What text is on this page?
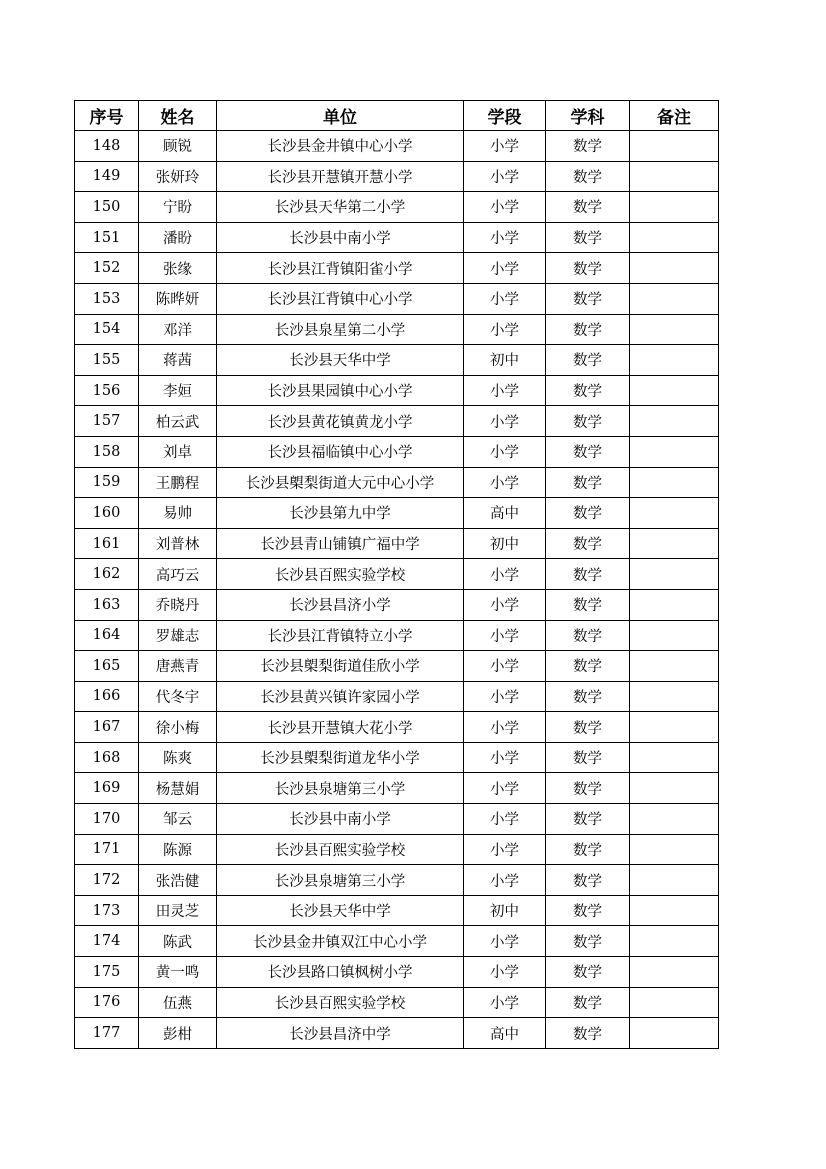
序号	姓名	单位	学段	学科	备注
148	顾锐	长沙县金井镇中心小学	小学	数学	
149	张妍玲	长沙县开慧镇开慧小学	小学	数学	
150	宁盼	长沙县天华第二小学	小学	数学	
151	潘盼	长沙县中南小学	小学	数学	
152	张缘	长沙县江背镇阳雀小学	小学	数学	
153	陈晔妍	长沙县江背镇中心小学	小学	数学	
154	邓洋	长沙县泉星第二小学	小学	数学	
155	蒋茜	长沙县天华中学	初中	数学	
156	李姮	长沙县果园镇中心小学	小学	数学	
157	柏云武	长沙县黄花镇黄龙小学	小学	数学	
158	刘卓	长沙县福临镇中心小学	小学	数学	
159	王鹏程	长沙县㮾梨街道大元中心小学	小学	数学	
160	易帅	长沙县第九中学	高中	数学	
161	刘普林	长沙县青山铺镇广福中学	初中	数学	
162	高巧云	长沙县百熙实验学校	小学	数学	
163	乔晓丹	长沙县昌济小学	小学	数学	
164	罗雄志	长沙县江背镇特立小学	小学	数学	
165	唐燕青	长沙县㮾梨街道佳欣小学	小学	数学	
166	代冬宇	长沙县黄兴镇许家园小学	小学	数学	
167	徐小梅	长沙县开慧镇大花小学	小学	数学	
168	陈爽	长沙县㮾梨街道龙华小学	小学	数学	
169	杨慧娟	长沙县泉塘第三小学	小学	数学	
170	邹云	长沙县中南小学	小学	数学	
171	陈源	长沙县百熙实验学校	小学	数学	
172	张浩健	长沙县泉塘第三小学	小学	数学	
173	田灵芝	长沙县天华中学	初中	数学	
174	陈武	长沙县金井镇双江中心小学	小学	数学	
175	黄一鸣	长沙县路口镇枫树小学	小学	数学	
176	伍燕	长沙县百熙实验学校	小学	数学	
177	彭柑	长沙县昌济中学	高中	数学	
